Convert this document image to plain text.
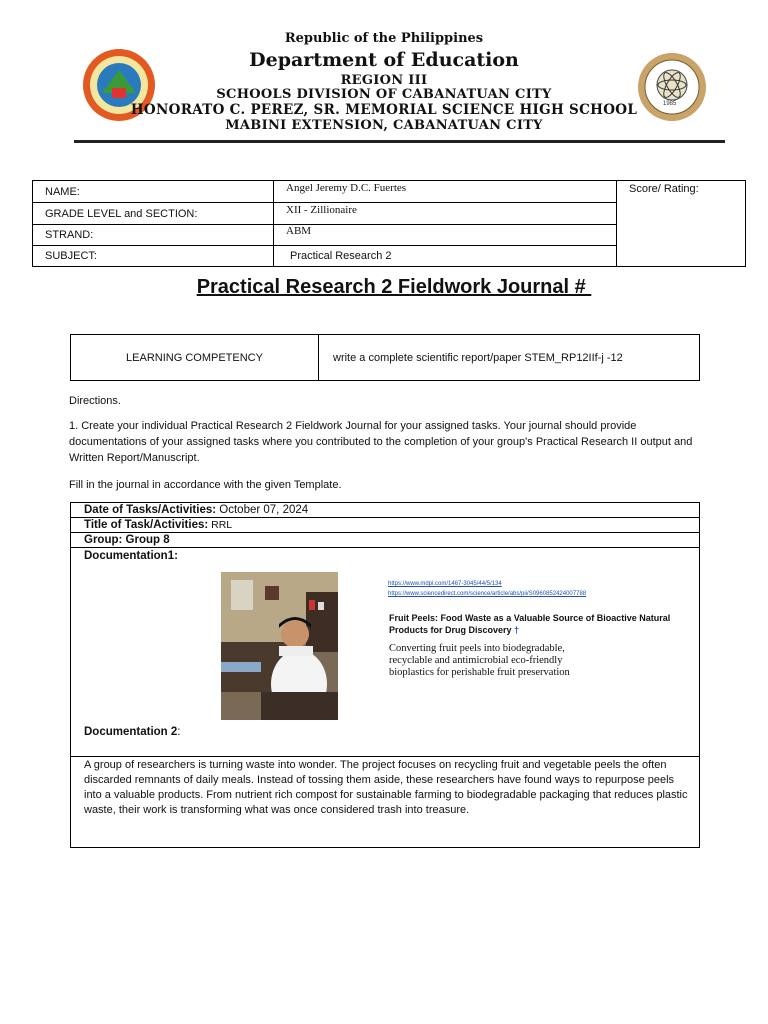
1985
Republic of the Philippines
Department of Education
REGION III
SCHOOLS DIVISION OF CABANATUAN CITY
HONORATO C. PEREZ, SR. MEMORIAL SCIENCE HIGH SCHOOL
MABINI EXTENSION, CABANATUAN CITY
NAME:	Angel Jeremy D.C. Fuertes	Score/ Rating:
GRADE LEVEL and SECTION:	XII - Zillionaire	
STRAND:	ABM	
SUBJECT:	Practical Research 2	
Practical Research 2 Fieldwork Journal #
LEARNING COMPETENCY	write a complete scientific report/paper STEM_RP12IIf-j -12
Directions.
1. Create your individual Practical Research 2 Fieldwork Journal for your assigned tasks. Your journal should provide documentations of your assigned tasks where you contributed to the completion of your group's Practical Research II output and Written Report/Manuscript.
Fill in the journal in accordance with the given Template.
Date of Tasks/Activities: October 07, 2024
Title of Task/Activities: RRL
Group: Group 8
Documentation1:
https://www.mdpi.com/1467-3045/44/5/134
https://www.sciencedirect.com/science/article/abs/pii/S0960852424007788
Fruit Peels: Food Waste as a Valuable Source of Bioactive Natural Products for Drug Discovery †
Converting fruit peels into biodegradable, recyclable and antimicrobial eco-friendly bioplastics for perishable fruit preservation
Documentation 2:
A group of researchers is turning waste into wonder. The project focuses on recycling fruit and vegetable peels the often discarded remnants of daily meals. Instead of tossing them aside, these researchers have found ways to repurpose peels into a valuable products. From nutrient rich compost for sustainable farming to biodegradable packaging that reduces plastic waste, their work is transforming what was once considered trash into treasure.
